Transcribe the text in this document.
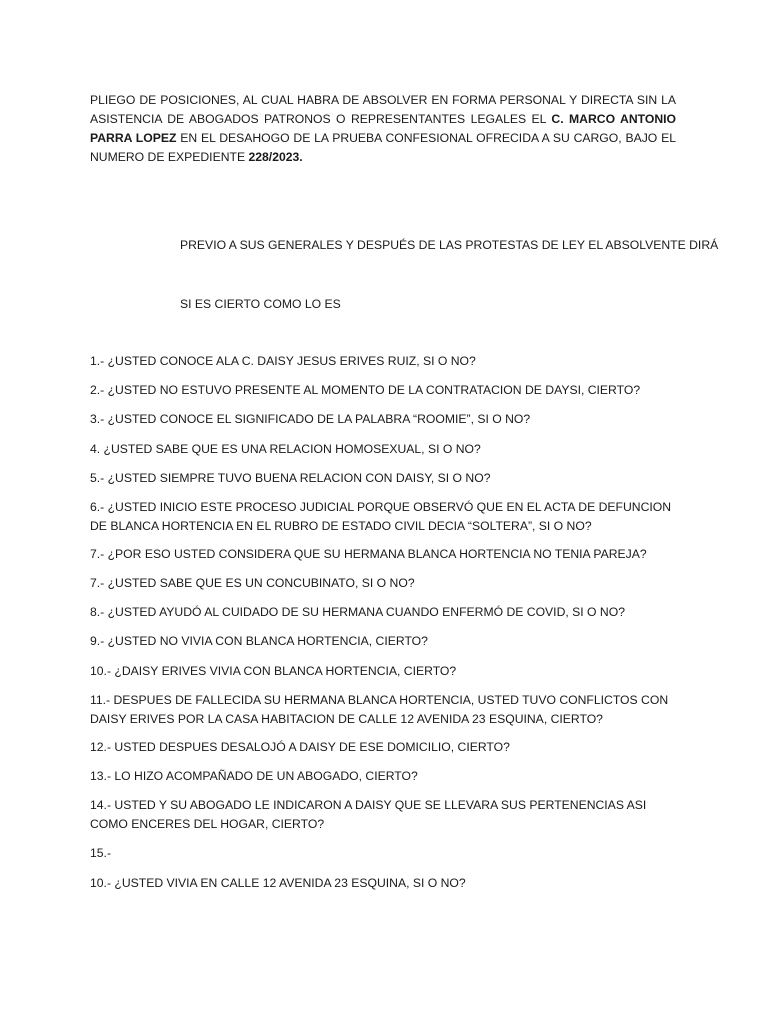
PLIEGO DE POSICIONES, AL CUAL HABRA DE ABSOLVER EN FORMA PERSONAL Y DIRECTA SIN LA ASISTENCIA DE ABOGADOS PATRONOS O REPRESENTANTES LEGALES EL C. MARCO ANTONIO PARRA LOPEZ EN EL DESAHOGO DE LA PRUEBA CONFESIONAL OFRECIDA A SU CARGO, BAJO EL NUMERO DE EXPEDIENTE 228/2023.

PREVIO A SUS GENERALES Y DESPUÉS DE LAS PROTESTAS DE LEY EL ABSOLVENTE DIRÁ

SI ES CIERTO COMO LO ES

1.- ¿USTED CONOCE ALA C. DAISY JESUS ERIVES RUIZ, SI O NO?

2.- ¿USTED NO ESTUVO PRESENTE AL MOMENTO DE LA CONTRATACION DE DAYSI, CIERTO?

3.- ¿USTED CONOCE EL SIGNIFICADO DE LA PALABRA “ROOMIE”, SI O NO?

4. ¿USTED SABE QUE ES UNA RELACION HOMOSEXUAL, SI O NO?

5.- ¿USTED SIEMPRE TUVO BUENA RELACION CON DAISY, SI O NO?

6.- ¿USTED INICIO ESTE PROCESO JUDICIAL PORQUE OBSERVÓ QUE EN EL ACTA DE DEFUNCION DE BLANCA HORTENCIA EN EL RUBRO DE ESTADO CIVIL DECIA “SOLTERA”, SI O NO?

7.- ¿POR ESO USTED CONSIDERA QUE SU HERMANA BLANCA HORTENCIA NO TENIA PAREJA?

7.- ¿USTED SABE QUE ES UN CONCUBINATO, SI O NO?

8.- ¿USTED AYUDÓ AL CUIDADO DE SU HERMANA CUANDO ENFERMÓ DE COVID, SI O NO?

9.- ¿USTED NO VIVIA CON BLANCA HORTENCIA, CIERTO?

10.- ¿DAISY ERIVES VIVIA CON BLANCA HORTENCIA, CIERTO?

11.- DESPUES DE FALLECIDA SU HERMANA BLANCA HORTENCIA, USTED TUVO CONFLICTOS CON DAISY ERIVES POR LA CASA HABITACION DE CALLE 12 AVENIDA 23 ESQUINA, CIERTO?

12.- USTED DESPUES DESALOJÓ A DAISY DE ESE DOMICILIO, CIERTO?

13.- LO HIZO ACOMPAÑADO DE UN ABOGADO, CIERTO?

14.- USTED Y SU ABOGADO LE INDICARON A DAISY QUE SE LLEVARA SUS PERTENENCIAS ASI COMO ENCERES DEL HOGAR, CIERTO?

15.-

10.- ¿USTED VIVIA EN CALLE 12 AVENIDA 23 ESQUINA, SI O NO?
